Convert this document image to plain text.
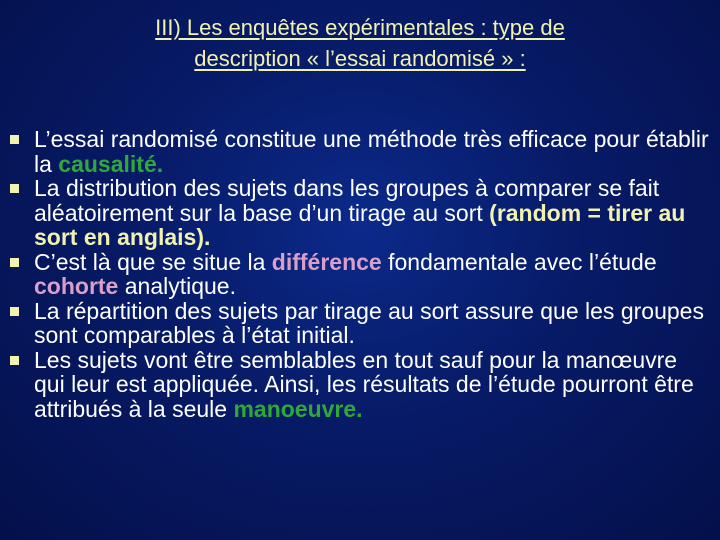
III) Les enquêtes expérimentales : type de
description « l’essai randomisé » :
L’essai randomisé constitue une méthode très efficace pour établir la causalité.
La distribution des sujets dans les groupes à comparer se fait aléatoirement sur la base d’un tirage au sort (random = tirer au sort en anglais).
C’est là que se situe la différence fondamentale avec l’étude cohorte analytique.
La répartition des sujets par tirage au sort assure que les groupes sont comparables à l’état initial.
Les sujets vont être semblables en tout sauf pour la manœuvre qui leur est appliquée. Ainsi, les résultats de l’étude pourront être attribués à la seule manoeuvre.
